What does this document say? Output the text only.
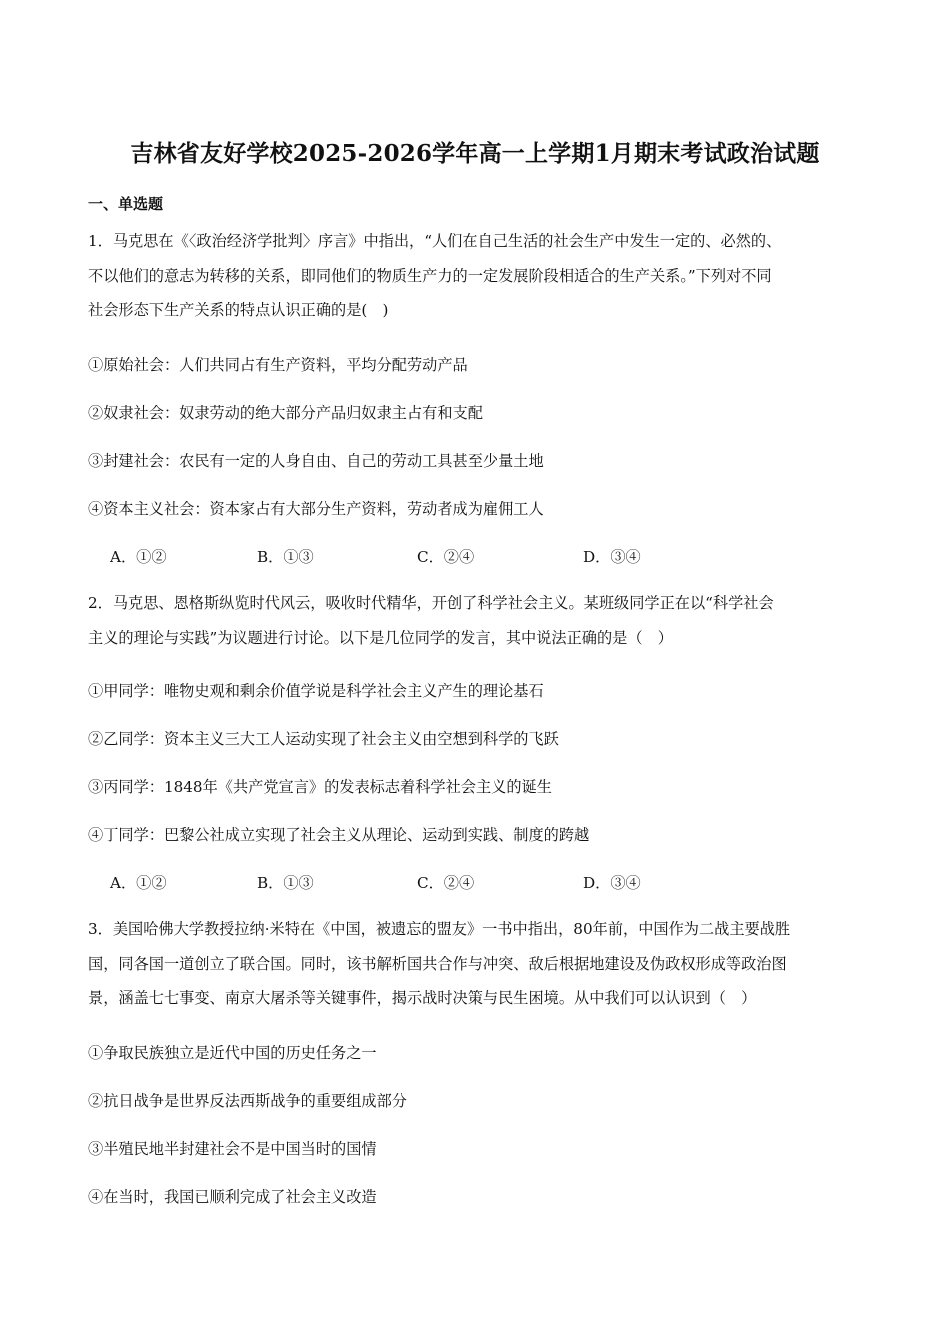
吉林省友好学校2025-2026学年高一上学期1月期末考试政治试题
一、单选题
1．马克思在《〈政治经济学批判〉序言》中指出，“人们在自己生活的社会生产中发生一定的、必然的、
不以他们的意志为转移的关系，即同他们的物质生产力的一定发展阶段相适合的生产关系。”下列对不同
社会形态下生产关系的特点认识正确的是(　)
①原始社会：人们共同占有生产资料，平均分配劳动产品
②奴隶社会：奴隶劳动的绝大部分产品归奴隶主占有和支配
③封建社会：农民有一定的人身自由、自己的劳动工具甚至少量土地
④资本主义社会：资本家占有大部分生产资料，劳动者成为雇佣工人
A．①②	B．①③	C．②④	D．③④
2．马克思、恩格斯纵览时代风云，吸收时代精华，开创了科学社会主义。某班级同学正在以“科学社会
主义的理论与实践”为议题进行讨论。以下是几位同学的发言，其中说法正确的是（　）
①甲同学：唯物史观和剩余价值学说是科学社会主义产生的理论基石
②乙同学：资本主义三大工人运动实现了社会主义由空想到科学的飞跃
③丙同学：1848年《共产党宣言》的发表标志着科学社会主义的诞生
④丁同学：巴黎公社成立实现了社会主义从理论、运动到实践、制度的跨越
A．①②	B．①③	C．②④	D．③④
3．美国哈佛大学教授拉纳·米特在《中国，被遗忘的盟友》一书中指出，80年前，中国作为二战主要战胜
国，同各国一道创立了联合国。同时，该书解析国共合作与冲突、敌后根据地建设及伪政权形成等政治图
景，涵盖七七事变、南京大屠杀等关键事件，揭示战时决策与民生困境。从中我们可以认识到（　）
①争取民族独立是近代中国的历史任务之一
②抗日战争是世界反法西斯战争的重要组成部分
③半殖民地半封建社会不是中国当时的国情
④在当时，我国已顺利完成了社会主义改造
